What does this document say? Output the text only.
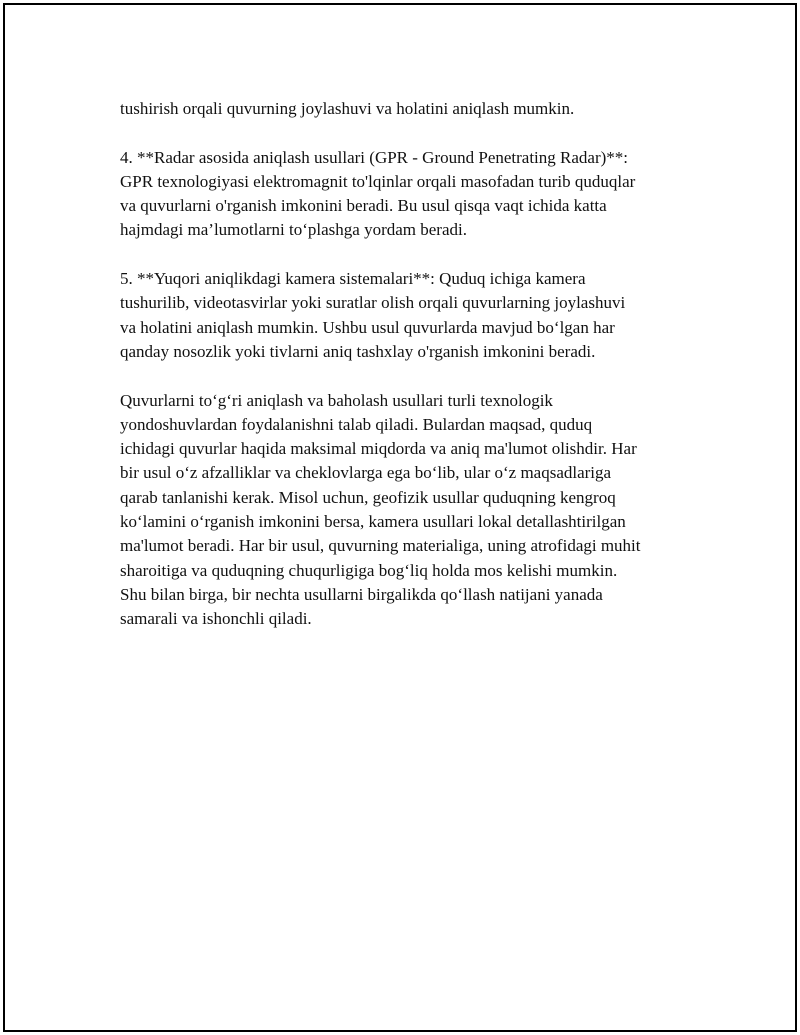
tushirish orqali quvurning joylashuvi va holatini aniqlash mumkin.
4. **Radar asosida aniqlash usullari (GPR - Ground Penetrating Radar)**:
GPR texnologiyasi elektromagnit to'lqinlar orqali masofadan turib quduqlar
va quvurlarni o'rganish imkonini beradi. Bu usul qisqa vaqt ichida katta
hajmdagi ma’lumotlarni to‘plashga yordam beradi.
5. **Yuqori aniqlikdagi kamera sistemalari**: Quduq ichiga kamera
tushurilib, videotasvirlar yoki suratlar olish orqali quvurlarning joylashuvi
va holatini aniqlash mumkin. Ushbu usul quvurlarda mavjud bo‘lgan har
qanday nosozlik yoki tivlarni aniq tashxlay o'rganish imkonini beradi.
Quvurlarni to‘g‘ri aniqlash va baholash usullari turli texnologik
yondoshuvlardan foydalanishni talab qiladi. Bulardan maqsad, quduq
ichidagi quvurlar haqida maksimal miqdorda va aniq ma'lumot olishdir. Har
bir usul o‘z afzalliklar va cheklovlarga ega bo‘lib, ular o‘z maqsadlariga
qarab tanlanishi kerak. Misol uchun, geofizik usullar quduqning kengroq
ko‘lamini o‘rganish imkonini bersa, kamera usullari lokal detallashtirilgan
ma'lumot beradi. Har bir usul, quvurning materialiga, uning atrofidagi muhit
sharoitiga va quduqning chuqurligiga bog‘liq holda mos kelishi mumkin.
Shu bilan birga, bir nechta usullarni birgalikda qo‘llash natijani yanada
samarali va ishonchli qiladi.
